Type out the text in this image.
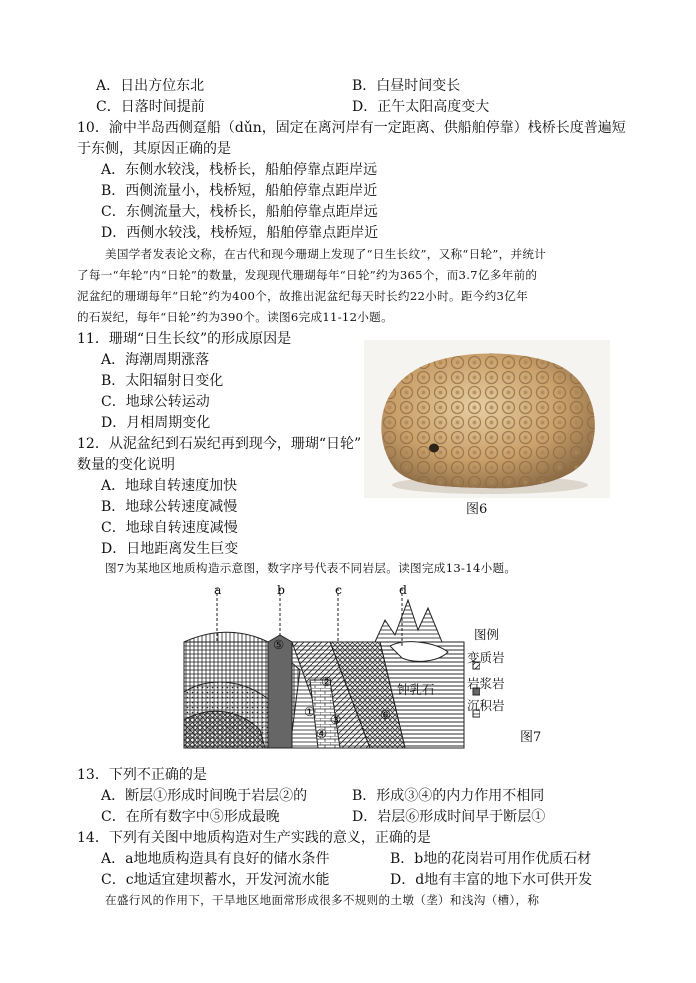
A．日出方位东北	B．白昼时间变长
C．日落时间提前	D．正午太阳高度变大
10．渝中半岛西侧趸船（dǔn，固定在离河岸有一定距离、供船舶停靠）栈桥长度普遍短
于东侧，其原因正确的是
A．东侧水较浅，栈桥长，船舶停靠点距岸远
B．西侧流量小，栈桥短，船舶停靠点距岸近
C．东侧流量大，栈桥长，船舶停靠点距岸远
D．西侧水较浅，栈桥短，船舶停靠点距岸近
美国学者发表论文称，在古代和现今珊瑚上发现了“日生长纹”，又称“日轮”，并统计
了每一“年轮”内“日轮”的数量，发现现代珊瑚每年“日轮”约为365个，而3.7亿多年前的
泥盆纪的珊瑚每年“日轮”约为400个，故推出泥盆纪每天时长约22小时。距今约3亿年
的石炭纪，每年“日轮”约为390个。读图6完成11-12小题。
11．珊瑚“日生长纹”的形成原因是
A．海潮周期涨落
B．太阳辐射日变化
C．地球公转运动
D．月相周期变化
12．从泥盆纪到石炭纪再到现今，珊瑚“日轮”
数量的变化说明
A．地球自转速度加快
B．地球公转速度减慢
C．地球自转速度减慢
D．日地距离发生巨变
图6
图7为某地区地质构造示意图，数字序号代表不同岩层。读图完成13-14小题。
a	b	c	d
①
②
③
④
⑤
⑥
钟乳石
图例
变质岩
岩浆岩
沉积岩
图7
13．下列不正确的是
A．断层①形成时间晚于岩层②的	B．形成③④的内力作用不相同
C．在所有数字中⑤形成最晚	D．岩层⑥形成时间早于断层①
14．下列有关图中地质构造对生产实践的意义，正确的是
A．a地地质构造具有良好的储水条件	B．b地的花岗岩可用作优质石材
C．c地适宜建坝蓄水，开发河流水能	D．d地有丰富的地下水可供开发
在盛行风的作用下，干旱地区地面常形成很多不规则的土墩（垄）和浅沟（槽），称
